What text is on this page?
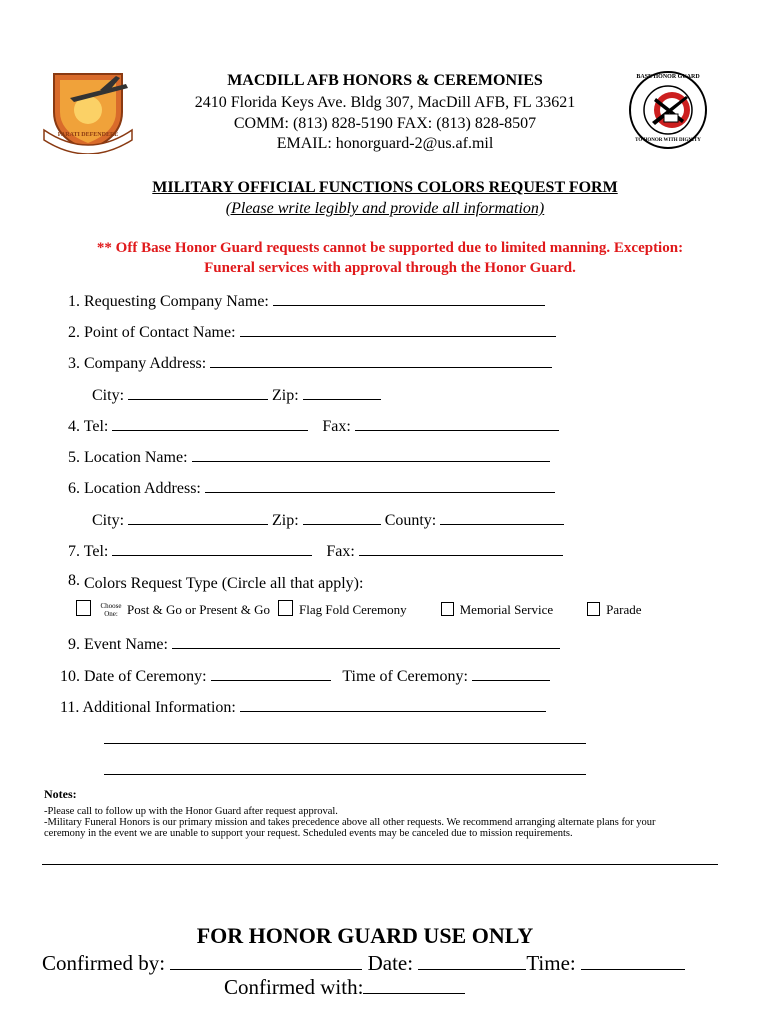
PARATI DEFENDERE
BASE HONOR GUARD
TO HONOR WITH DIGNITY
MACDILL AFB HONORS & CEREMONIES
2410 Florida Keys Ave. Bldg 307, MacDill AFB, FL 33621
COMM: (813) 828-5190 FAX: (813) 828-8507
EMAIL: honorguard-2@us.af.mil
MILITARY OFFICIAL FUNCTIONS COLORS REQUEST FORM
(Please write legibly and provide all information)
** Off Base Honor Guard requests cannot be supported due to limited manning. Exception:
Funeral services with approval through the Honor Guard.
1. Requesting Company Name:
2. Point of Contact Name:
3. Company Address:
City:	Zip:
4. Tel:	Fax:
5. Location Name:
6. Location Address:
City:	Zip:	County:
7. Tel:	Fax:
8. Colors Request Type (Circle all that apply):
Choose
One: Post & Go or Present & Go Flag Fold Ceremony	Memorial Service	Parade
9. Event Name:
10. Date of Ceremony:	Time of Ceremony:
11. Additional Information:
Notes:
-Please call to follow up with the Honor Guard after request approval.
-Military Funeral Honors is our primary mission and takes precedence above all other requests. We recommend arranging alternate plans for your
ceremony in the event we are unable to support your request. Scheduled events may be canceled due to mission requirements.
FOR HONOR GUARD USE ONLY
Confirmed by:	Date:	Time:
Confirmed with:
